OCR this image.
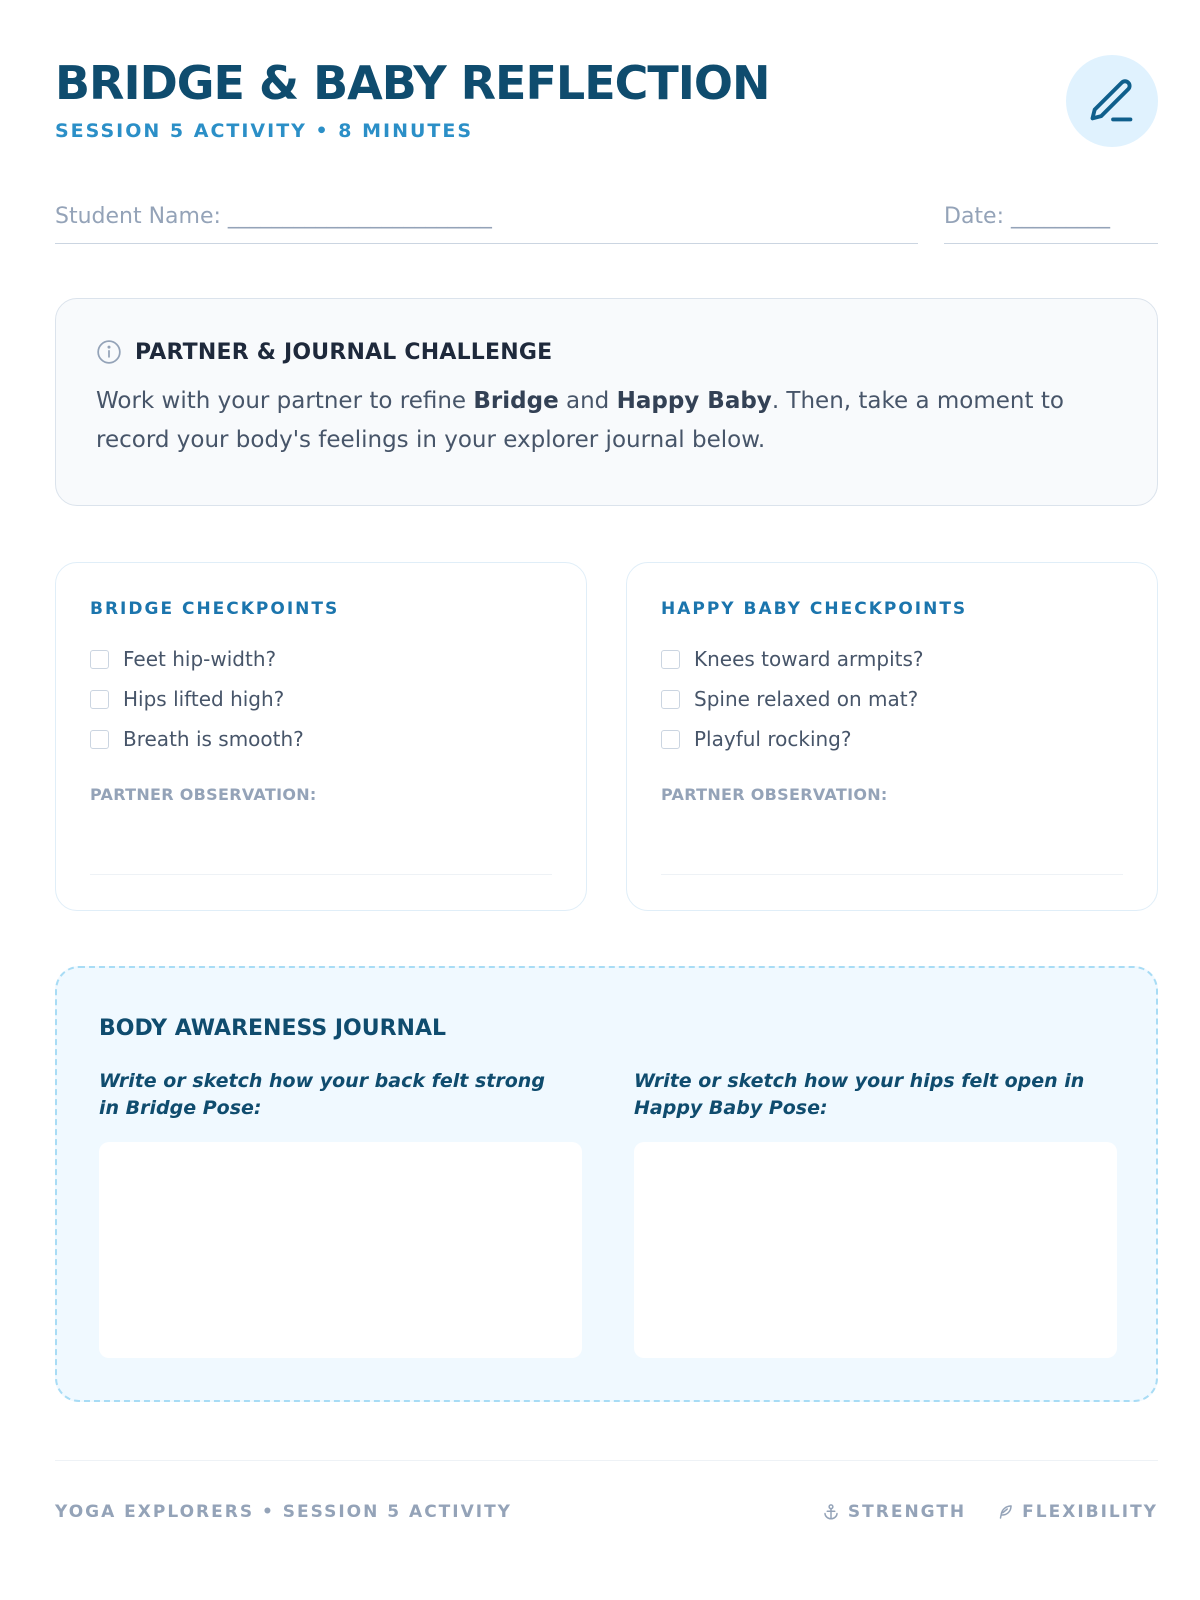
BRIDGE & BABY REFLECTION
SESSION 5 ACTIVITY • 8 MINUTES
Student Name: ________________________	Date: _________
PARTNER & JOURNAL CHALLENGE

Work with your partner to refine Bridge and Happy Baby. Then, take a moment to record your body's feelings in your explorer journal below.

BRIDGE CHECKPOINTS
Feet hip-width?
Hips lifted high?
Breath is smooth?
PARTNER OBSERVATION:
HAPPY BABY CHECKPOINTS
Knees toward armpits?
Spine relaxed on mat?
Playful rocking?
PARTNER OBSERVATION:
BODY AWARENESS JOURNAL
Write or sketch how your back felt strong in Bridge Pose:
Write or sketch how your hips felt open in Happy Baby Pose:
YOGA EXPLORERS • SESSION 5 ACTIVITY	STRENGTH	FLEXIBILITY
